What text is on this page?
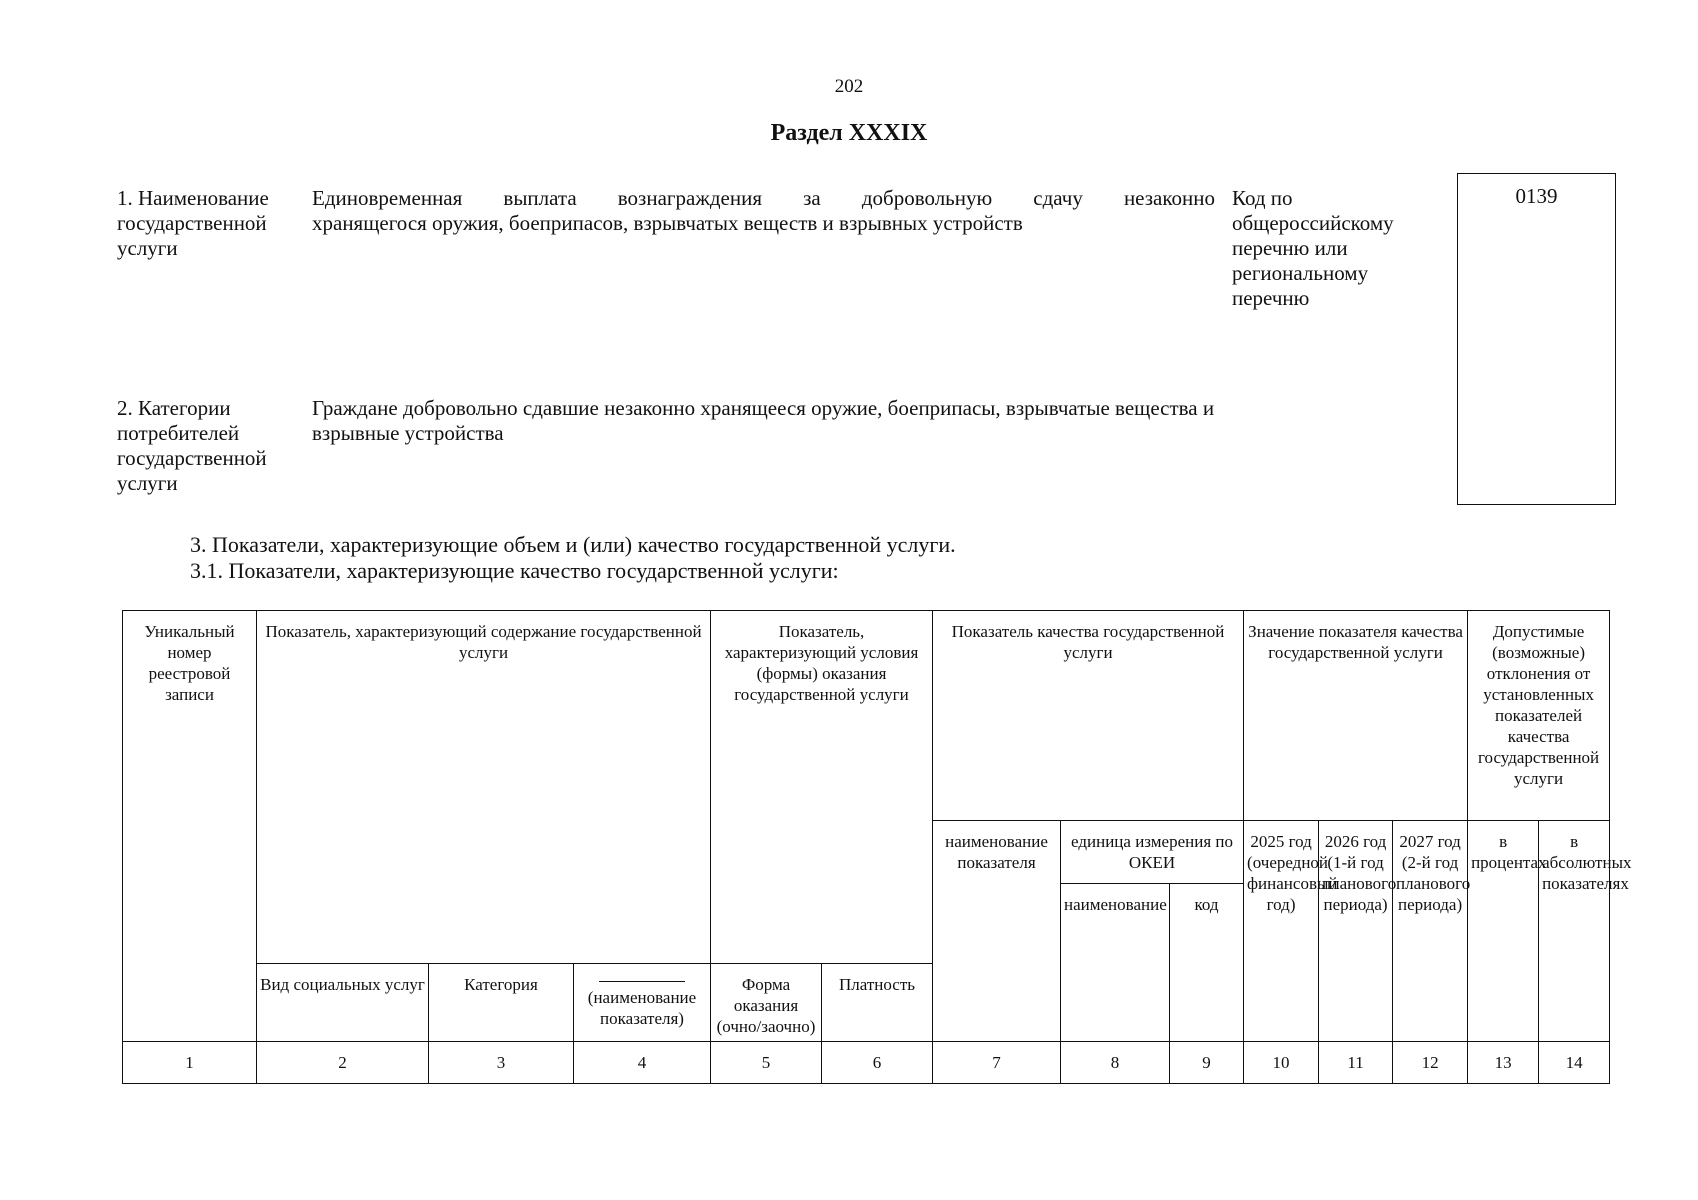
202
Раздел XXXIX
1. Наименование государственной услуги
Единовременная выплата вознаграждения за добровольную сдачу незаконно
хранящегося оружия, боеприпасов, взрывчатых веществ и взрывных устройств
Код по общероссийскому перечню или региональному перечню
0139
2. Категории потребителей государственной услуги
Граждане добровольно сдавшие незаконно хранящееся оружие, боеприпасы, взрывчатые вещества и взрывные устройства
3. Показатели, характеризующие объем и (или) качество государственной услуги.
3.1. Показатели, характеризующие качество государственной услуги:
Уникальный номер реестровой записи	Показатель, характеризующий содержание государственной услуги			Показатель, характеризующий условия (формы) оказания государственной услуги		Показатель качества государственной услуги			Значение показателя качества государственной услуги			Допустимые (возможные) отклонения от установленных показателей качества государственной услуги	
						наименование показателя	единица измерения по ОКЕИ		2025 год (очередной финансовый год)	2026 год (1-й год планового периода)	2027 год (2-й год планового периода)	в процентах	в абсолютных показателях
							наименование	код					
	Вид социальных услуг	Категория	(наименование показателя)	Форма оказания (очно/заочно)	Платность								
1	2	3	4	5	6	7	8	9	10	11	12	13	14
